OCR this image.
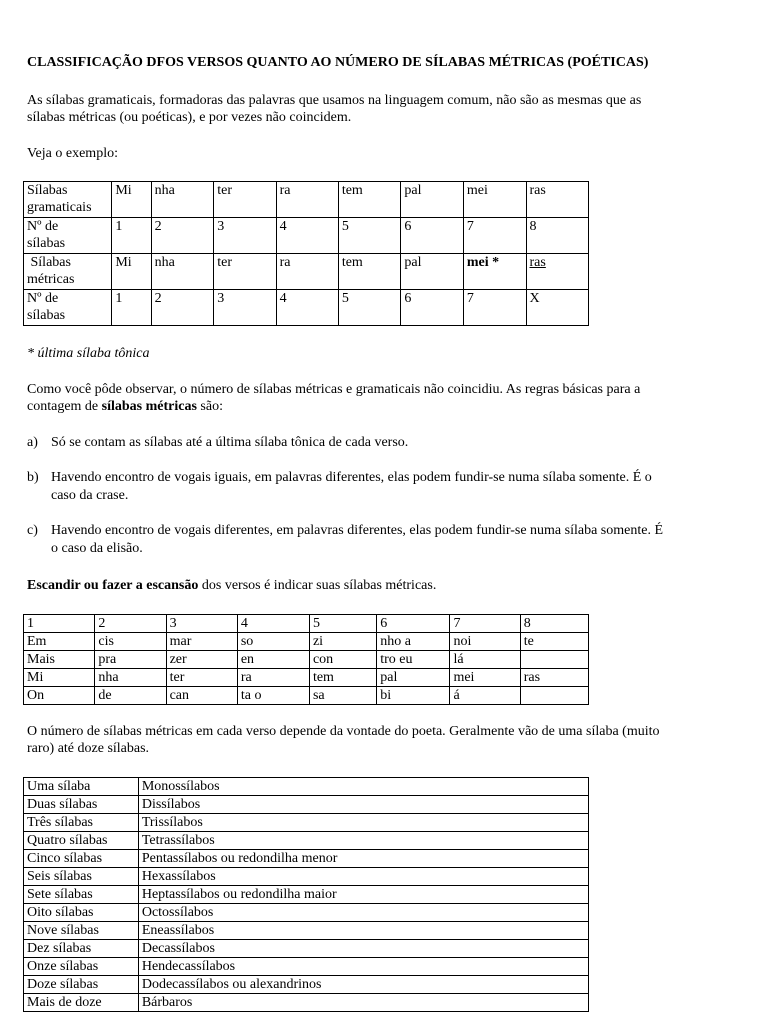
CLASSIFICAÇÃO DFOS VERSOS QUANTO AO NÚMERO DE SÍLABAS MÉTRICAS (POÉTICAS)
As sílabas gramaticais, formadoras das palavras que usamos na linguagem comum, não são as mesmas que as
sílabas métricas (ou poéticas), e por vezes não coincidem.
Veja o exemplo:
* última sílaba tônica
Como você pôde observar, o número de sílabas métricas e gramaticais não coincidiu. As regras básicas para a
contagem de sílabas métricas são:
a) Só se contam as sílabas até a última sílaba tônica de cada verso.
b) Havendo encontro de vogais iguais, em palavras diferentes, elas podem fundir-se numa sílaba somente. É o
caso da crase.
c) Havendo encontro de vogais diferentes, em palavras diferentes, elas podem fundir-se numa sílaba somente. É
o caso da elisão.
Escandir ou fazer a escansão dos versos é indicar suas sílabas métricas.
O número de sílabas métricas em cada verso depende da vontade do poeta. Geralmente vão de uma sílaba (muito
raro) até doze sílabas.
Sílabas
gramaticais	Mi	nha	ter	ra	tem	pal	mei	ras

Nº de
sílabas	1	2	3	4	5	6	7	8

Sílabas
métricas	Mi	nha	ter	ra	tem	pal	mei *	ras

Nº de
sílabas	1	2	3	4	5	6	7	X
1	2	3	4	5	6	7	8
Em	cis	mar	so	zi	nho a	noi	te
Mais	pra	zer	en	con	tro eu	lá	
Mi	nha	ter	ra	tem	pal	mei	ras
On	de	can	ta o	sa	bi	á	
Uma sílaba	Monossílabos
Duas sílabas	Dissílabos
Três sílabas	Trissílabos
Quatro sílabas	Tetrassílabos
Cinco sílabas	Pentassílabos ou redondilha menor
Seis sílabas	Hexassílabos
Sete sílabas	Heptassílabos ou redondilha maior
Oito sílabas	Octossílabos
Nove sílabas	Eneassílabos
Dez sílabas	Decassílabos
Onze sílabas	Hendecassílabos
Doze sílabas	Dodecassílabos ou alexandrinos
Mais de doze	Bárbaros
